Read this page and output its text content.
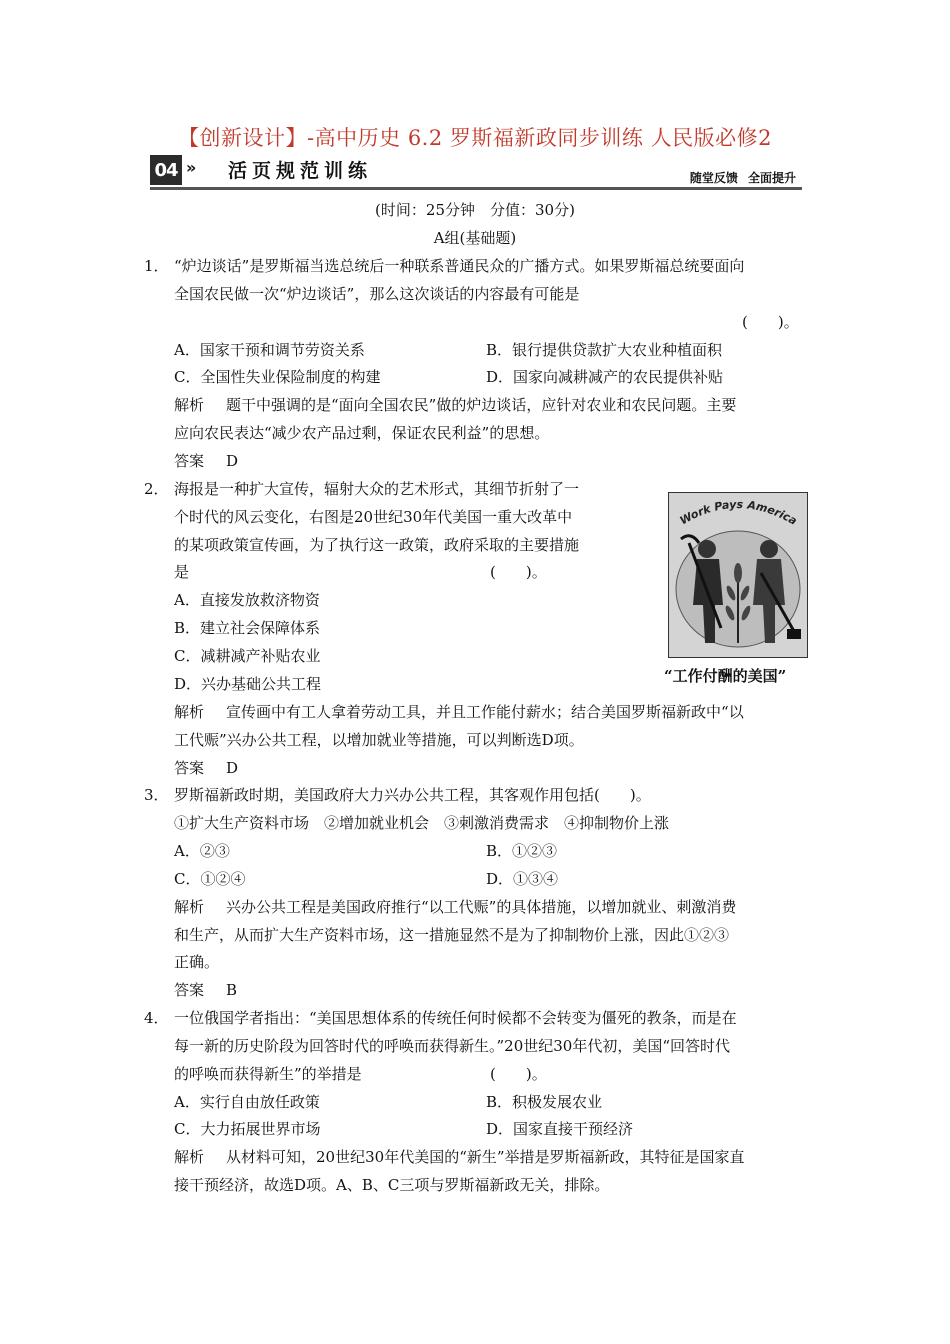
【创新设计】-高中历史 6.2 罗斯福新政同步训练 人民版必修2
04 » 活页规范训练	随堂反馈 全面提升
(时间：25分钟　分值：30分)
A组(基础题)
1． “炉边谈话”是罗斯福当选总统后一种联系普通民众的广播方式。如果罗斯福总统要面向
全国农民做一次“炉边谈话”，那么这次谈话的内容最有可能是
(　　)。
A．国家干预和调节劳资关系	B．银行提供贷款扩大农业种植面积
C．全国性失业保险制度的构建	D．国家向减耕减产的农民提供补贴
解析 题干中强调的是“面向全国农民”做的炉边谈话，应针对农业和农民问题。主要
应向农民表达“减少农产品过剩，保证农民利益”的思想。
答案 D
2． 海报是一种扩大宣传，辐射大众的艺术形式，其细节折射了一
个时代的风云变化，右图是20世纪30年代美国一重大改革中
的某项政策宣传画，为了执行这一政策，政府采取的主要措施
是	(　　)。
A．直接发放救济物资
B．建立社会保障体系
C．减耕减产补贴农业
D．兴办基础公共工程
Work Pays America
“工作付酬的美国”
解析 宣传画中有工人拿着劳动工具，并且工作能付薪水；结合美国罗斯福新政中“以
工代赈”兴办公共工程，以增加就业等措施，可以判断选D项。
答案 D
3． 罗斯福新政时期，美国政府大力兴办公共工程，其客观作用包括(　　)。
①扩大生产资料市场　②增加就业机会　③刺激消费需求　④抑制物价上涨
A．②③	B．①②③
C．①②④	D．①③④
解析 兴办公共工程是美国政府推行“以工代赈”的具体措施，以增加就业、刺激消费
和生产，从而扩大生产资料市场，这一措施显然不是为了抑制物价上涨，因此①②③
正确。
答案 B
4． 一位俄国学者指出：“美国思想体系的传统任何时候都不会转变为僵死的教条，而是在
每一新的历史阶段为回答时代的呼唤而获得新生。”20世纪30年代初，美国“回答时代
的呼唤而获得新生”的举措是	(　　)。
A．实行自由放任政策	B．积极发展农业
C．大力拓展世界市场	D．国家直接干预经济
解析 从材料可知，20世纪30年代美国的“新生”举措是罗斯福新政，其特征是国家直
接干预经济，故选D项。A、B、C三项与罗斯福新政无关，排除。
